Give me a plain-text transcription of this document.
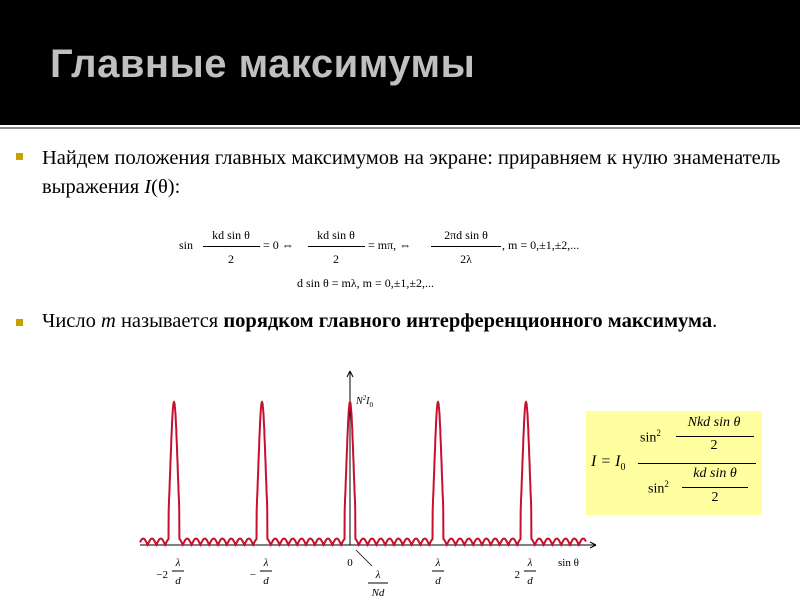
Главные максимумы
Найдем положения главных максимумов на экране: приравняем к нулю знаменатель выражения I(θ):
sin
kd sin θ
2
= 0 ⇔
kd sin θ
2
= mπ, ⇔
2πd sin θ
2λ
, m = 0,±1,±2,...
d sin θ = mλ, m = 0,±1,±2,...
Число m называется порядком главного интерференционного максимума.
$N^2I_0$
sin θ
−2
λ
d	−
λ
d
0
λ
Nd
λ
d	2
λ
d
$I = I_0$
$\sin^2$
Nkd sin θ
2
$\sin^2$
kd sin θ
2
